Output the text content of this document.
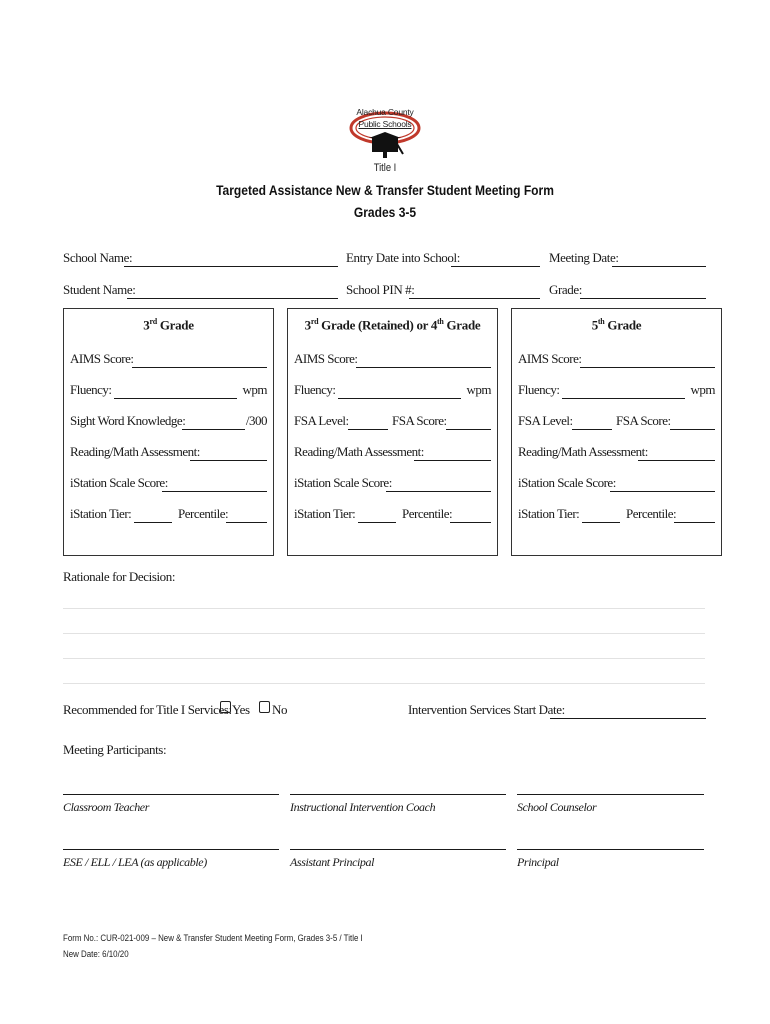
Alachua County
Public Schools
Title I
Targeted Assistance New & Transfer Student Meeting Form
Grades 3-5
School Name:	Entry Date into School:	Meeting Date:
Student Name:	School PIN #:	Grade:
3rd Grade
AIMS Score:
Fluency:	wpm
Sight Word Knowledge:	/300
Reading/Math Assessment:
iStation Scale Score:
iStation Tier:	Percentile:
3rd Grade (Retained) or 4th Grade
AIMS Score:
Fluency:	wpm
FSA Level:	FSA Score:
Reading/Math Assessment:
iStation Scale Score:
iStation Tier:	Percentile:
5th Grade
AIMS Score:
Fluency:	wpm
FSA Level:	FSA Score:
Reading/Math Assessment:
iStation Scale Score:
iStation Tier:	Percentile:
Rationale for Decision:
Recommended for Title I Services: Yes No	Intervention Services Start Date:
Meeting Participants:
Classroom Teacher	Instructional Intervention Coach	School Counselor
ESE / ELL / LEA (as applicable)	Assistant Principal	Principal
Form No.: CUR-021-009 – New & Transfer Student Meeting Form, Grades 3-5 / Title I
New Date: 6/10/20
